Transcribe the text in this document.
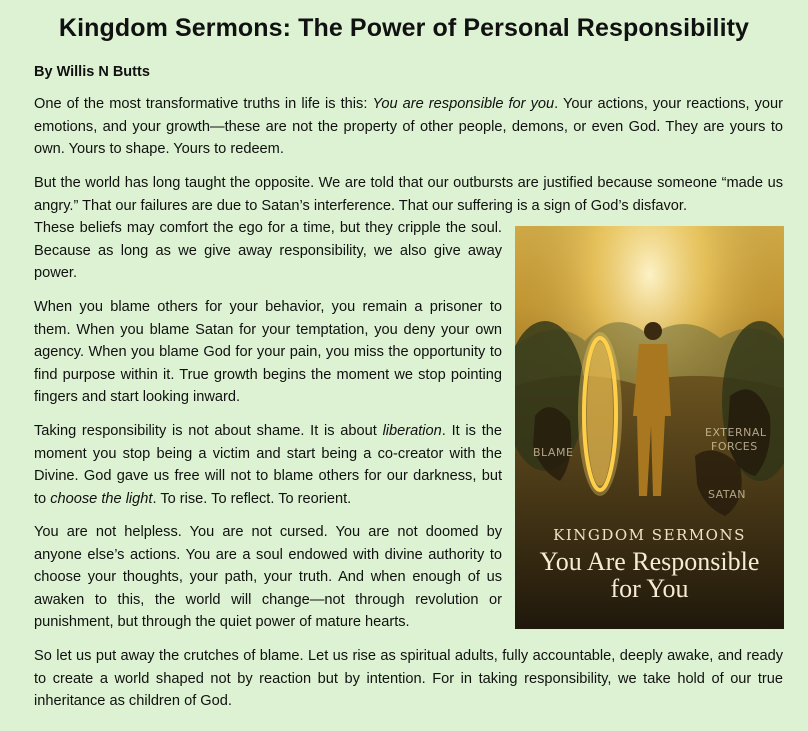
Kingdom Sermons: The Power of Personal Responsibility

By Willis N Butts

One of the most transformative truths in life is this: You are responsible for you. Your actions, your reactions, your emotions, and your growth—these are not the property of other people, demons, or even God. They are yours to own. Yours to shape. Yours to redeem.

But the world has long taught the opposite. We are told that our outbursts are justified because someone “made us angry.” That our failures are due to Satan’s interference. That our suffering is a sign of God’s disfavor.
These beliefs may comfort the ego for a time, but they cripple the soul. Because as long as we give away responsibility, we also give away power.

When you blame others for your behavior, you remain a prisoner to them. When you blame Satan for your temptation, you deny your own agency. When you blame God for your pain, you miss the opportunity to find purpose within it. True growth begins the moment we stop pointing fingers and start looking inward.

Taking responsibility is not about shame. It is about liberation. It is the moment you stop being a victim and start being a co-creator with the Divine. God gave us free will not to blame others for our darkness, but to choose the light. To rise. To reflect. To reorient.

You are not helpless. You are not cursed. You are not doomed by anyone else’s actions. You are a soul endowed with divine authority to choose your thoughts, your path, your truth. And when enough of us awaken to this, the world will change—not through revolution or punishment, but through the quiet power of mature hearts.

So let us put away the crutches of blame. Let us rise as spiritual adults, fully accountable, deeply awake, and ready to create a world shaped not by reaction but by intention. For in taking responsibility, we take hold of our true inheritance as children of God.

BLAME
EXTERNAL
FORCES
SATAN
KINGDOM SERMONS
You Are Responsible
for You
